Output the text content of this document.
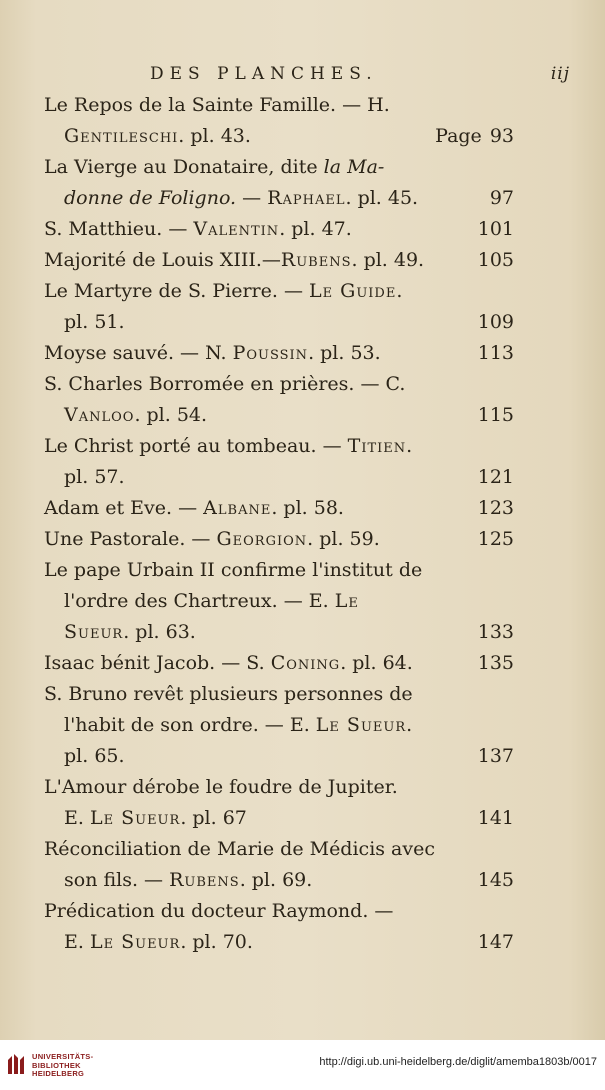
DES PLANCHES.	iij
Le Repos de la Sainte Famille. — H.
Gentileschi. pl. 43.	Page 93
La Vierge au Donataire, dite la Ma-
donne de Foligno. — Raphael. pl. 45.	97
S. Matthieu. — Valentin. pl. 47.	101
Majorité de Louis XIII.—Rubens. pl. 49.	105
Le Martyre de S. Pierre. — Le Guide.
pl. 51.	109
Moyse sauvé. — N. Poussin. pl. 53.	113
S. Charles Borromée en prières. — C.
Vanloo. pl. 54.	115
Le Christ porté au tombeau. — Titien.
pl. 57.	121
Adam et Eve. — Albane. pl. 58.	123
Une Pastorale. — Georgion. pl. 59.	125
Le pape Urbain II confirme l'institut de
l'ordre des Chartreux. — E. Le
Sueur. pl. 63.	133
Isaac bénit Jacob. — S. Coning. pl. 64.	135
S. Bruno revêt plusieurs personnes de
l'habit de son ordre. — E. Le Sueur.
pl. 65.	137
L'Amour dérobe le foudre de Jupiter.
E. Le Sueur. pl. 67	141
Réconciliation de Marie de Médicis avec
son fils. — Rubens. pl. 69.	145
Prédication du docteur Raymond. —
E. Le Sueur. pl. 70.	147
UNIVERSITÄTS-
BIBLIOTHEK
HEIDELBERG
http://digi.ub.uni-heidelberg.de/diglit/amemba1803b/0017
